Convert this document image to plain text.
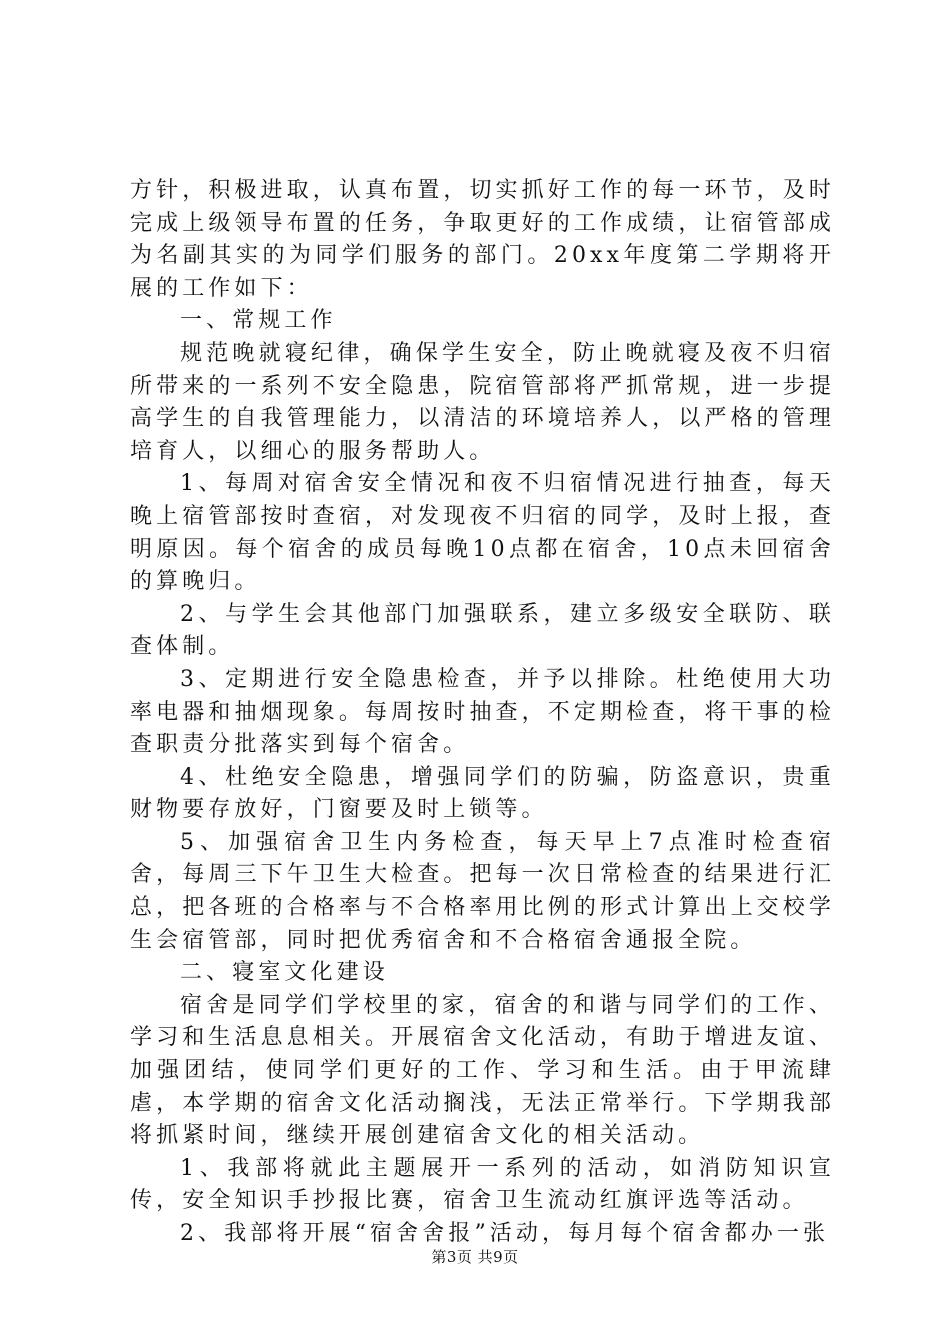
方针，积极进取，认真布置，切实抓好工作的每一环节，及时完成上级领导布置的任务，争取更好的工作成绩，让宿管部成为名副其实的为同学们服务的部门。20xx年度第二学期将开展的工作如下：

一、常规工作

规范晚就寝纪律，确保学生安全，防止晚就寝及夜不归宿所带来的一系列不安全隐患，院宿管部将严抓常规，进一步提高学生的自我管理能力，以清洁的环境培养人，以严格的管理培育人，以细心的服务帮助人。

1、每周对宿舍安全情况和夜不归宿情况进行抽查，每天晚上宿管部按时查宿，对发现夜不归宿的同学，及时上报，查明原因。每个宿舍的成员每晚10点都在宿舍，10点未回宿舍的算晚归。

2、与学生会其他部门加强联系，建立多级安全联防、联查体制。

3、定期进行安全隐患检查，并予以排除。杜绝使用大功率电器和抽烟现象。每周按时抽查，不定期检查，将干事的检查职责分批落实到每个宿舍。

4、杜绝安全隐患，增强同学们的防骗，防盗意识，贵重财物要存放好，门窗要及时上锁等。

5、加强宿舍卫生内务检查，每天早上7点准时检查宿舍，每周三下午卫生大检查。把每一次日常检查的结果进行汇总，把各班的合格率与不合格率用比例的形式计算出上交校学生会宿管部，同时把优秀宿舍和不合格宿舍通报全院。

二、寝室文化建设

宿舍是同学们学校里的家，宿舍的和谐与同学们的工作、学习和生活息息相关。开展宿舍文化活动，有助于增进友谊、加强团结，使同学们更好的工作、学习和生活。由于甲流肆虐，本学期的宿舍文化活动搁浅，无法正常举行。下学期我部将抓紧时间，继续开展创建宿舍文化的相关活动。

1、我部将就此主题展开一系列的活动，如消防知识宣传，安全知识手抄报比赛，宿舍卫生流动红旗评选等活动。

2、我部将开展“宿舍舍报”活动，每月每个宿舍都办一张

第3页 共9页
